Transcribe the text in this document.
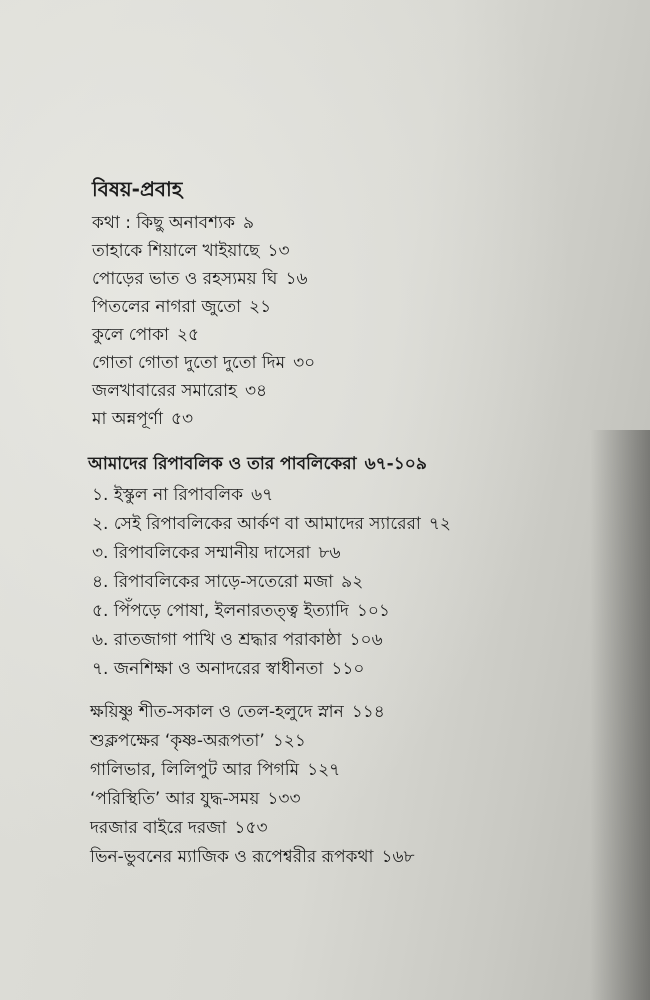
বিষয়-প্রবাহ
কথা : কিছু অনাবশ্যক ৯
তাহাকে শিয়ালে খাইয়াছে ১৩
পোড়ের ভাত ও রহস্যময় ঘি ১৬
পিতলের নাগরা জুতো ২১
কুলে পোকা ২৫
গোতা গোতা দুতো দুতো দিম ৩০
জলখাবারের সমারোহ ৩৪
মা অন্নপূর্ণা ৫৩
আমাদের রিপাবলিক ও তার পাবলিকেরা ৬৭-১০৯
১. ইস্কুল না রিপাবলিক ৬৭
২. সেই রিপাবলিকের আর্কণ বা আমাদের স্যারেরা ৭২
৩. রিপাবলিকের সম্মানীয় দাসেরা ৮৬
৪. রিপাবলিকের সাড়ে-সতেরো মজা ৯২
৫. পিঁপড়ে পোষা, ইলনারতত্ত্ব ইত্যাদি ১০১
৬. রাতজাগা পাখি ও শ্রদ্ধার পরাকাষ্ঠা ১০৬
৭. জনশিক্ষা ও অনাদরের স্বাধীনতা ১১০
ক্ষয়িষ্ণু শীত-সকাল ও তেল-হলুদে স্নান ১১৪
শুক্লপক্ষের ‘কৃষ্ণ-অরূপতা’ ১২১
গালিভার, লিলিপুট আর পিগমি ১২৭
‘পরিস্থিতি’ আর যুদ্ধ-সময় ১৩৩
দরজার বাইরে দরজা ১৫৩
ভিন-ভুবনের ম্যাজিক ও রূপেশ্বরীর রূপকথা ১৬৮
